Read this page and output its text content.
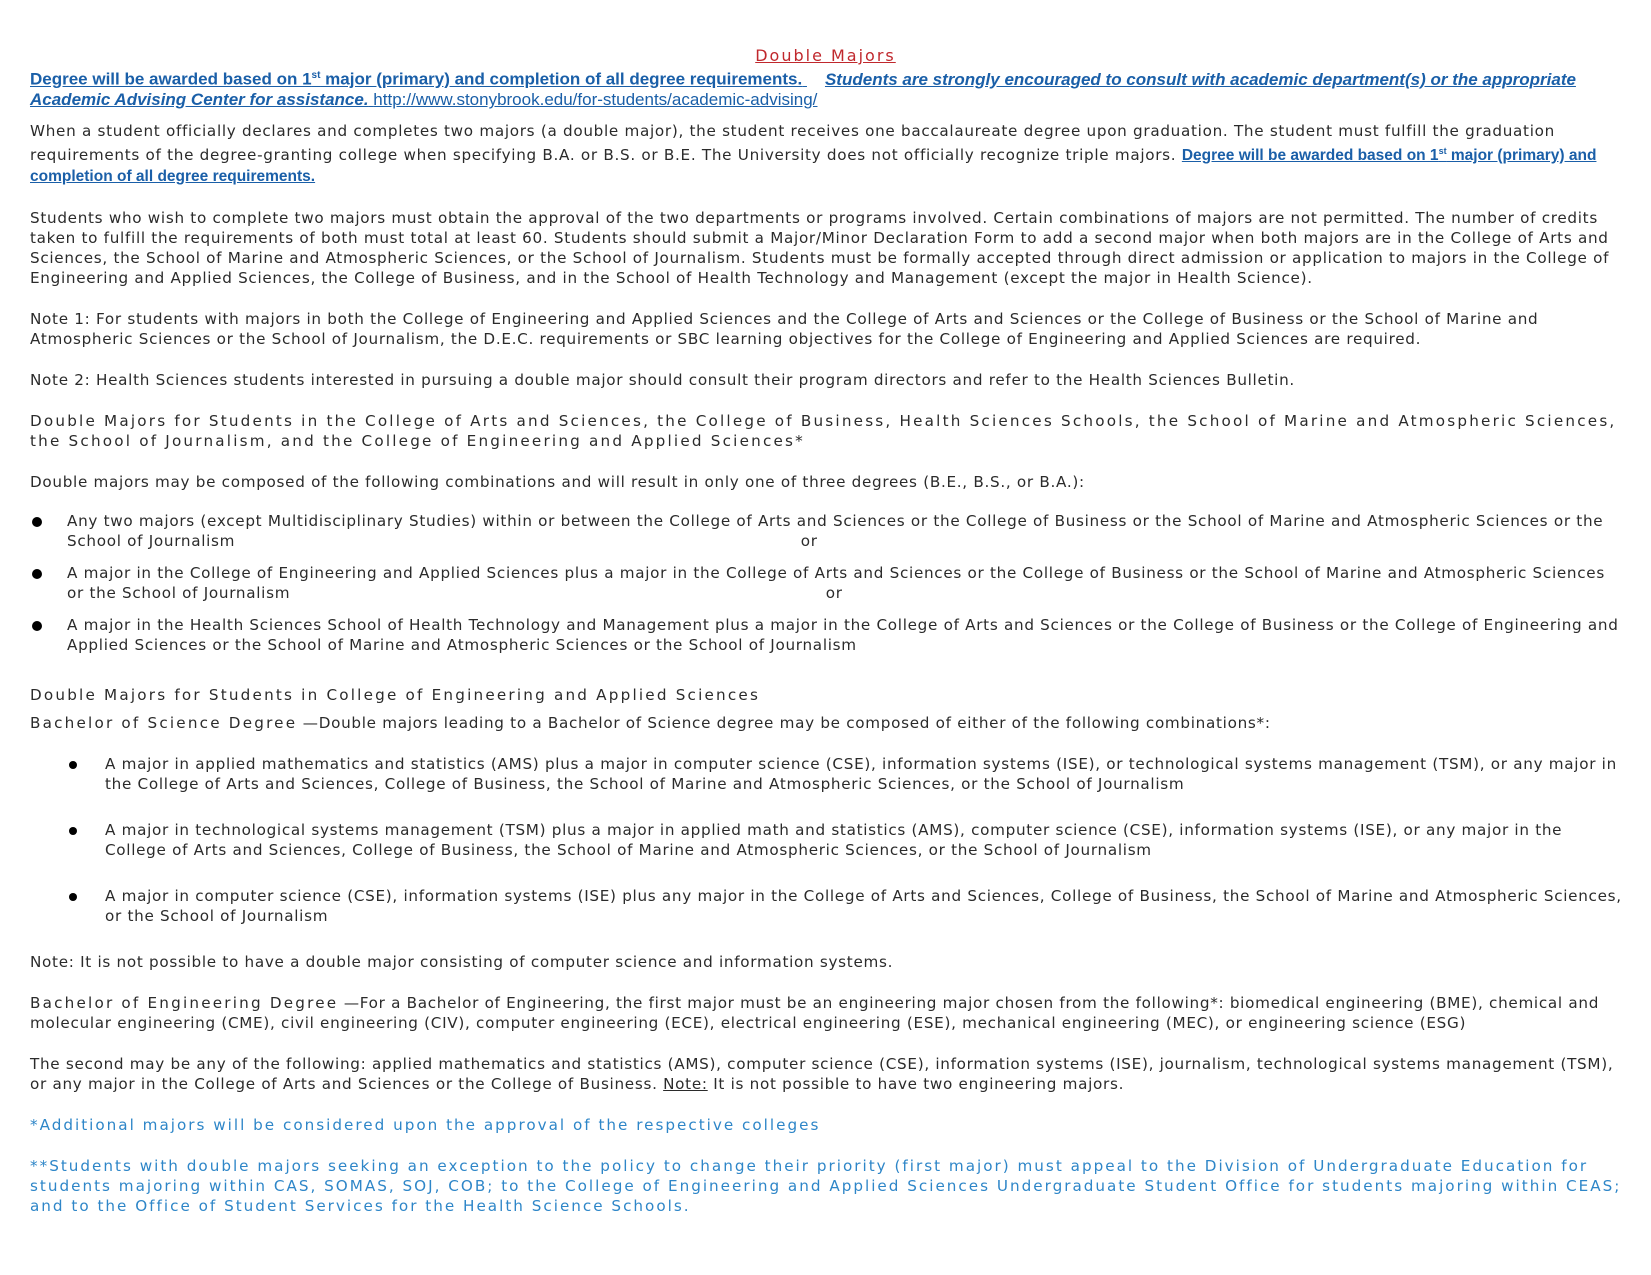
Double Majors
Degree will be awarded based on 1st major (primary) and completion of all degree requirements. Students are strongly encouraged to consult with academic department(s) or the appropriate Academic Advising Center for assistance. http://www.stonybrook.edu/for-students/academic-advising/

When a student officially declares and completes two majors (a double major), the student receives one baccalaureate degree upon graduation. The student must fulfill the graduation requirements of the degree-granting college when specifying B.A. or B.S. or B.E. The University does not officially recognize triple majors. Degree will be awarded based on 1st major (primary) and completion of all degree requirements.

Students who wish to complete two majors must obtain the approval of the two departments or programs involved. Certain combinations of majors are not permitted. The number of credits taken to fulfill the requirements of both must total at least 60. Students should submit a Major/Minor Declaration Form to add a second major when both majors are in the College of Arts and Sciences, the School of Marine and Atmospheric Sciences, or the School of Journalism. Students must be formally accepted through direct admission or application to majors in the College of Engineering and Applied Sciences, the College of Business, and in the School of Health Technology and Management (except the major in Health Science).

Note 1: For students with majors in both the College of Engineering and Applied Sciences and the College of Arts and Sciences or the College of Business or the School of Marine and Atmospheric Sciences or the School of Journalism, the D.E.C. requirements or SBC learning objectives for the College of Engineering and Applied Sciences are required.

Note 2: Health Sciences students interested in pursuing a double major should consult their program directors and refer to the Health Sciences Bulletin.

Double Majors for Students in the College of Arts and Sciences, the College of Business, Health Sciences Schools, the School of Marine and Atmospheric Sciences, the School of Journalism, and the College of Engineering and Applied Sciences*

Double majors may be composed of the following combinations and will result in only one of three degrees (B.E., B.S., or B.A.):

Any two majors (except Multidisciplinary Studies) within or between the College of Arts and Sciences or the College of Business or the School of Marine and Atmospheric Sciences or the School of Journalism	or
A major in the College of Engineering and Applied Sciences plus a major in the College of Arts and Sciences or the College of Business or the School of Marine and Atmospheric Sciences or the School of Journalism	or
A major in the Health Sciences School of Health Technology and Management plus a major in the College of Arts and Sciences or the College of Business or the College of Engineering and Applied Sciences or the School of Marine and Atmospheric Sciences or the School of Journalism

Double Majors for Students in College of Engineering and Applied Sciences

Bachelor of Science Degree —Double majors leading to a Bachelor of Science degree may be composed of either of the following combinations*:

A major in applied mathematics and statistics (AMS) plus a major in computer science (CSE), information systems (ISE), or technological systems management (TSM), or any major in the College of Arts and Sciences, College of Business, the School of Marine and Atmospheric Sciences, or the School of Journalism
A major in technological systems management (TSM) plus a major in applied math and statistics (AMS), computer science (CSE), information systems (ISE), or any major in the College of Arts and Sciences, College of Business, the School of Marine and Atmospheric Sciences, or the School of Journalism
A major in computer science (CSE), information systems (ISE) plus any major in the College of Arts and Sciences, College of Business, the School of Marine and Atmospheric Sciences, or the School of Journalism

Note: It is not possible to have a double major consisting of computer science and information systems.

Bachelor of Engineering Degree —For a Bachelor of Engineering, the first major must be an engineering major chosen from the following*: biomedical engineering (BME), chemical and molecular engineering (CME), civil engineering (CIV), computer engineering (ECE), electrical engineering (ESE), mechanical engineering (MEC), or engineering science (ESG)

The second may be any of the following: applied mathematics and statistics (AMS), computer science (CSE), information systems (ISE), journalism, technological systems management (TSM), or any major in the College of Arts and Sciences or the College of Business. Note: It is not possible to have two engineering majors.

*Additional majors will be considered upon the approval of the respective colleges

**Students with double majors seeking an exception to the policy to change their priority (first major) must appeal to the Division of Undergraduate Education for students majoring within CAS, SOMAS, SOJ, COB; to the College of Engineering and Applied Sciences Undergraduate Student Office for students majoring within CEAS; and to the Office of Student Services for the Health Science Schools.
